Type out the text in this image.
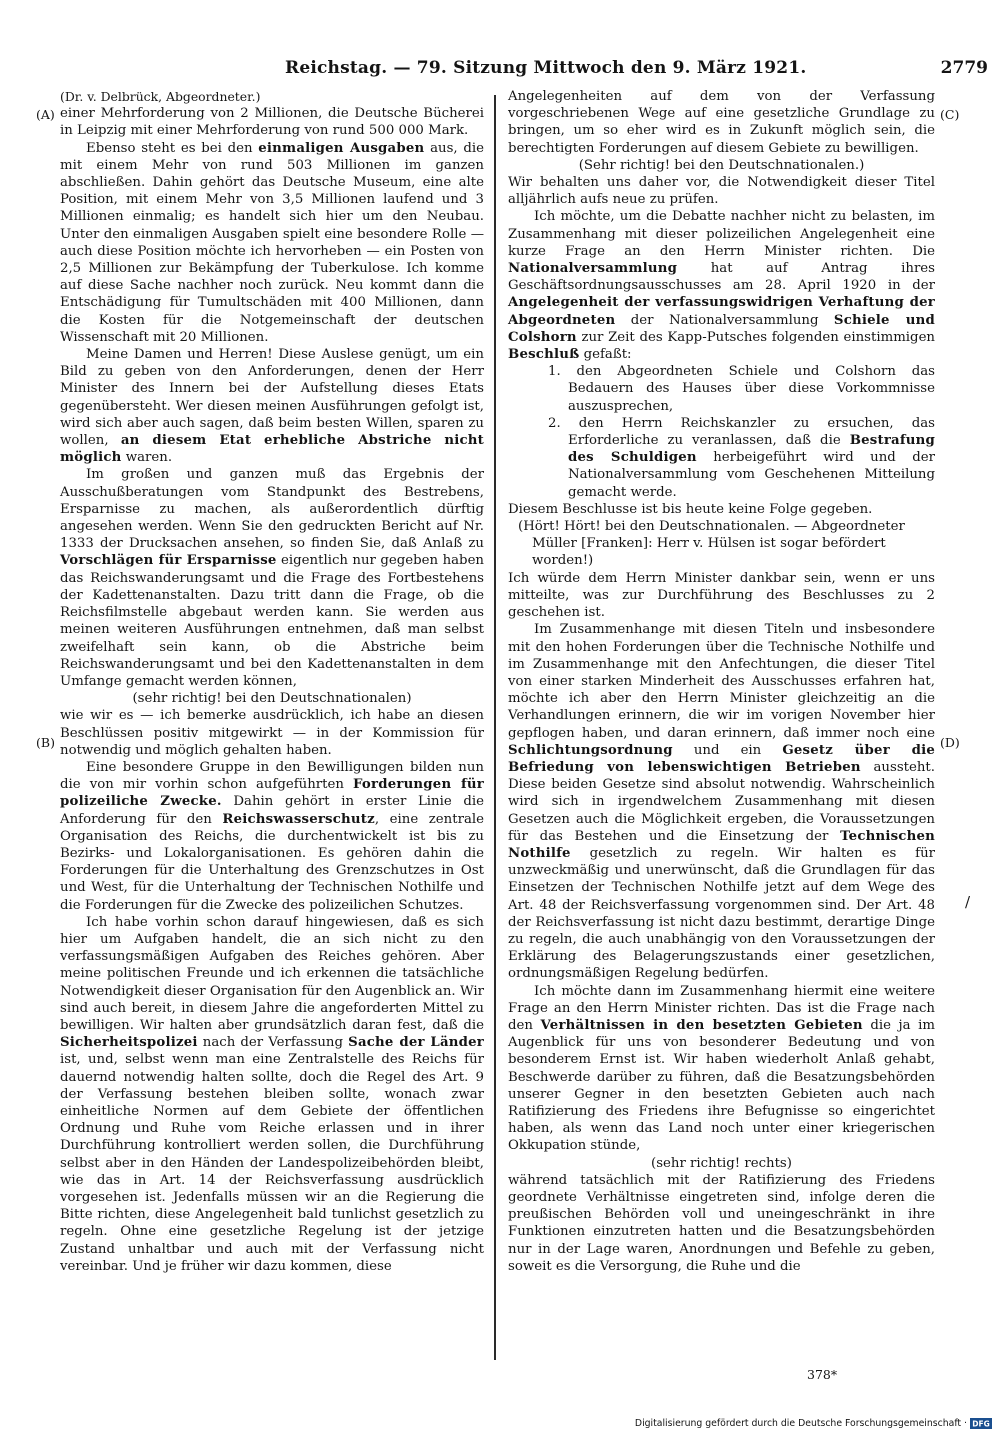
Reichstag. — 79. Sitzung Mittwoch den 9. März 1921.	2779

(Dr. v. Delbrück, Abgeordneter.)

einer Mehrforderung von 2 Millionen, die Deutsche Bücherei in Leipzig mit einer Mehrforderung von rund 500 000 Mark.

Ebenso steht es bei den einmaligen Ausgaben aus, die mit einem Mehr von rund 503 Millionen im ganzen abschließen. Dahin gehört das Deutsche Museum, eine alte Position, mit einem Mehr von 3,5 Millionen laufend und 3 Millionen einmalig; es handelt sich hier um den Neubau. Unter den einmaligen Ausgaben spielt eine besondere Rolle — auch diese Position möchte ich hervorheben — ein Posten von 2,5 Millionen zur Bekämpfung der Tuberkulose. Ich komme auf diese Sache nachher noch zurück. Neu kommt dann die Entschädigung für Tumultschäden mit 400 Millionen, dann die Kosten für die Notgemeinschaft der deutschen Wissenschaft mit 20 Millionen.

Meine Damen und Herren! Diese Auslese genügt, um ein Bild zu geben von den Anforderungen, denen der Herr Minister des Innern bei der Aufstellung dieses Etats gegenübersteht. Wer diesen meinen Ausführungen gefolgt ist, wird sich aber auch sagen, daß beim besten Willen, sparen zu wollen, an diesem Etat erhebliche Abstriche nicht möglich waren.

Im großen und ganzen muß das Ergebnis der Ausschußberatungen vom Standpunkt des Bestrebens, Ersparnisse zu machen, als außerordentlich dürftig angesehen werden. Wenn Sie den gedruckten Bericht auf Nr. 1333 der Drucksachen ansehen, so finden Sie, daß Anlaß zu Vorschlägen für Ersparnisse eigentlich nur gegeben haben das Reichswanderungsamt und die Frage des Fortbestehens der Kadettenanstalten. Dazu tritt dann die Frage, ob die Reichsfilmstelle abgebaut werden kann. Sie werden aus meinen weiteren Ausführungen entnehmen, daß man selbst zweifelhaft sein kann, ob die Abstriche beim Reichswanderungsamt und bei den Kadettenanstalten in dem Umfange gemacht werden können,

(sehr richtig! bei den Deutschnationalen)

wie wir es — ich bemerke ausdrücklich, ich habe an diesen Beschlüssen positiv mitgewirkt — in der Kommission für notwendig und möglich gehalten haben.

Eine besondere Gruppe in den Bewilligungen bilden nun die von mir vorhin schon aufgeführten Forderungen für polizeiliche Zwecke. Dahin gehört in erster Linie die Anforderung für den Reichswasserschutz, eine zentrale Organisation des Reichs, die durchentwickelt ist bis zu Bezirks- und Lokalorganisationen. Es gehören dahin die Forderungen für die Unterhaltung des Grenzschutzes in Ost und West, für die Unterhaltung der Technischen Nothilfe und die Forderungen für die Zwecke des polizeilichen Schutzes.

Ich habe vorhin schon darauf hingewiesen, daß es sich hier um Aufgaben handelt, die an sich nicht zu den verfassungsmäßigen Aufgaben des Reiches gehören. Aber meine politischen Freunde und ich erkennen die tatsächliche Notwendigkeit dieser Organisation für den Augenblick an. Wir sind auch bereit, in diesem Jahre die angeforderten Mittel zu bewilligen. Wir halten aber grundsätzlich daran fest, daß die Sicherheitspolizei nach der Verfassung Sache der Länder ist, und, selbst wenn man eine Zentralstelle des Reichs für dauernd notwendig halten sollte, doch die Regel des Art. 9 der Verfassung bestehen bleiben sollte, wonach zwar einheitliche Normen auf dem Gebiete der öffentlichen Ordnung und Ruhe vom Reiche erlassen und in ihrer Durchführung kontrolliert werden sollen, die Durchführung selbst aber in den Händen der Landespolizeibehörden bleibt, wie das in Art. 14 der Reichsverfassung ausdrücklich vorgesehen ist. Jedenfalls müssen wir an die Regierung die Bitte richten, diese Angelegenheit bald tunlichst gesetzlich zu regeln. Ohne eine gesetzliche Regelung ist der jetzige Zustand unhaltbar und auch mit der Verfassung nicht vereinbar. Und je früher wir dazu kommen, diese

Angelegenheiten auf dem von der Verfassung vorgeschriebenen Wege auf eine gesetzliche Grundlage zu bringen, um so eher wird es in Zukunft möglich sein, die berechtigten Forderungen auf diesem Gebiete zu bewilligen.

(Sehr richtig! bei den Deutschnationalen.)

Wir behalten uns daher vor, die Notwendigkeit dieser Titel alljährlich aufs neue zu prüfen.

Ich möchte, um die Debatte nachher nicht zu belasten, im Zusammenhang mit dieser polizeilichen Angelegenheit eine kurze Frage an den Herrn Minister richten. Die Nationalversammlung hat auf Antrag ihres Geschäftsordnungsausschusses am 28. April 1920 in der Angelegenheit der verfassungswidrigen Verhaftung der Abgeordneten der Nationalversammlung Schiele und Colshorn zur Zeit des Kapp-Putsches folgenden einstimmigen Beschluß gefaßt:

1. den Abgeordneten Schiele und Colshorn das Bedauern des Hauses über diese Vorkommnisse auszusprechen,

2. den Herrn Reichskanzler zu ersuchen, das Erforderliche zu veranlassen, daß die Bestrafung des Schuldigen herbeigeführt wird und der Nationalversammlung vom Geschehenen Mitteilung gemacht werde.

Diesem Beschlusse ist bis heute keine Folge gegeben.

(Hört! Hört! bei den Deutschnationalen. — Abgeordneter Müller [Franken]: Herr v. Hülsen ist sogar befördert worden!)

Ich würde dem Herrn Minister dankbar sein, wenn er uns mitteilte, was zur Durchführung des Beschlusses zu 2 geschehen ist.

Im Zusammenhange mit diesen Titeln und insbesondere mit den hohen Forderungen über die Technische Nothilfe und im Zusammenhange mit den Anfechtungen, die dieser Titel von einer starken Minderheit des Ausschusses erfahren hat, möchte ich aber den Herrn Minister gleichzeitig an die Verhandlungen erinnern, die wir im vorigen November hier gepflogen haben, und daran erinnern, daß immer noch eine Schlichtungsordnung und ein Gesetz über die Befriedung von lebenswichtigen Betrieben aussteht. Diese beiden Gesetze sind absolut notwendig. Wahrscheinlich wird sich in irgendwelchem Zusammenhang mit diesen Gesetzen auch die Möglichkeit ergeben, die Voraussetzungen für das Bestehen und die Einsetzung der Technischen Nothilfe gesetzlich zu regeln. Wir halten es für unzweckmäßig und unerwünscht, daß die Grundlagen für das Einsetzen der Technischen Nothilfe jetzt auf dem Wege des Art. 48 der Reichsverfassung vorgenommen sind. Der Art. 48 der Reichsverfassung ist nicht dazu bestimmt, derartige Dinge zu regeln, die auch unabhängig von den Voraussetzungen der Erklärung des Belagerungszustands einer gesetzlichen, ordnungsmäßigen Regelung bedürfen.

Ich möchte dann im Zusammenhang hiermit eine weitere Frage an den Herrn Minister richten. Das ist die Frage nach den Verhältnissen in den besetzten Gebieten die ja im Augenblick für uns von besonderer Bedeutung und von besonderem Ernst ist. Wir haben wiederholt Anlaß gehabt, Beschwerde darüber zu führen, daß die Besatzungsbehörden unserer Gegner in den besetzten Gebieten auch nach Ratifizierung des Friedens ihre Befugnisse so eingerichtet haben, als wenn das Land noch unter einer kriegerischen Okkupation stünde,

(sehr richtig! rechts)

während tatsächlich mit der Ratifizierung des Friedens geordnete Verhältnisse eingetreten sind, infolge deren die preußischen Behörden voll und uneingeschränkt in ihre Funktionen einzutreten hatten und die Besatzungsbehörden nur in der Lage waren, Anordnungen und Befehle zu geben, soweit es die Versorgung, die Ruhe und die

(A)
(B)
(C)
(D)
/
378*
Digitalisierung gefördert durch die Deutsche Forschungsgemeinschaft · DFG
